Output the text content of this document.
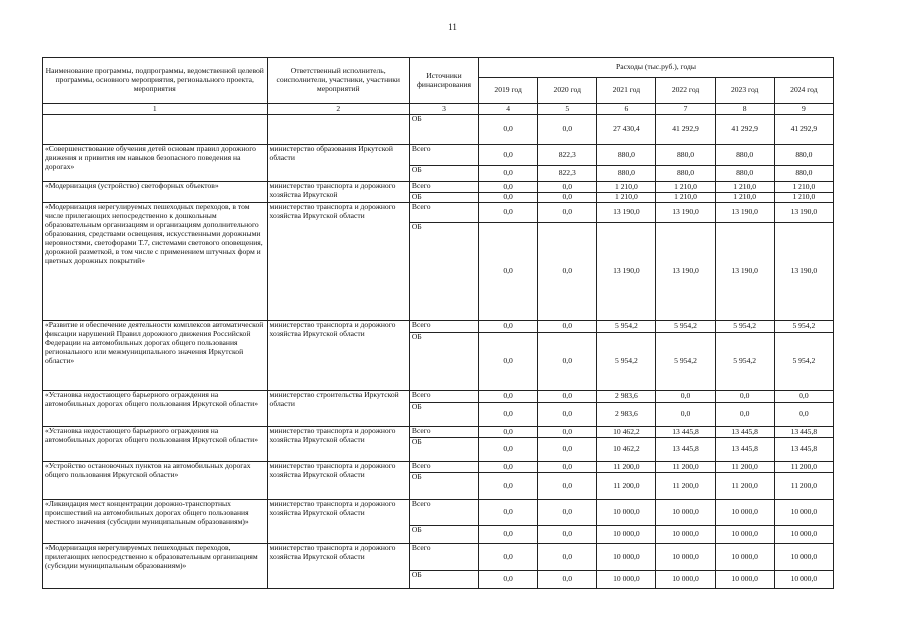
11
Наименование программы, подпрограммы, ведомственной целевой программы, основного мероприятия, регионального проекта, мероприятия	Ответственный исполнитель, соисполнители, участники, участники мероприятий	Источники финансирования	Расходы (тыс.руб.), годы					
			2019 год	2020 год	2021 год	2022 год	2023 год	2024 год
1	2	3	4	5	6	7	8	9
		ОБ	0,0	0,0	27 430,4	41 292,9	41 292,9	41 292,9
«Совершенствование обучения детей основам правил дорожного движения и привития им навыков безопасного поведения на дорогах»	министерство образования Иркутской области	Всего	0,0	822,3	880,0	880,0	880,0	880,0
		ОБ	0,0	822,3	880,0	880,0	880,0	880,0
«Модернизация (устройство) светофорных объектов»	министерство транспорта и дорожного хозяйства Иркутской	Всего	0,0	0,0	1 210,0	1 210,0	1 210,0	1 210,0
		ОБ	0,0	0,0	1 210,0	1 210,0	1 210,0	1 210,0
«Модернизация нерегулируемых пешеходных переходов, в том числе прилегающих непосредственно к дошкольным образовательным организациям и организациям дополнительного образования, средствами освещения, искусственными дорожными неровностями, светофорами Т.7, системами светового оповещения, дорожной разметкой, в том числе с применением штучных форм и цветных дорожных покрытий»	министерство транспорта и дорожного хозяйства Иркутской области	Всего	0,0	0,0	13 190,0	13 190,0	13 190,0	13 190,0
		ОБ	0,0	0,0	13 190,0	13 190,0	13 190,0	13 190,0
«Развитие и обеспечение деятельности комплексов автоматической фиксации нарушений Правил дорожного движения Российской Федерации на автомобильных дорогах общего пользования регионального или межмуниципального значения Иркутской области»	министерство транспорта и дорожного хозяйства Иркутской области	Всего	0,0	0,0	5 954,2	5 954,2	5 954,2	5 954,2
		ОБ	0,0	0,0	5 954,2	5 954,2	5 954,2	5 954,2
«Установка недостающего барьерного ограждения на автомобильных дорогах общего пользования Иркутской области»	министерство строительства Иркутской области	Всего	0,0	0,0	2 983,6	0,0	0,0	0,0
		ОБ	0,0	0,0	2 983,6	0,0	0,0	0,0
«Установка недостающего барьерного ограждения на автомобильных дорогах общего пользования Иркутской области»	министерство транспорта и дорожного хозяйства Иркутской области	Всего	0,0	0,0	10 462,2	13 445,8	13 445,8	13 445,8
		ОБ	0,0	0,0	10 462,2	13 445,8	13 445,8	13 445,8
«Устройство остановочных пунктов на автомобильных дорогах общего пользования Иркутской области»	министерство транспорта и дорожного хозяйства Иркутской области	Всего	0,0	0,0	11 200,0	11 200,0	11 200,0	11 200,0
		ОБ	0,0	0,0	11 200,0	11 200,0	11 200,0	11 200,0
«Ликвидация мест концентрации дорожно-транспортных происшествий на автомобильных дорогах общего пользования местного значения (субсидии муниципальным образованиям)»	министерство транспорта и дорожного хозяйства Иркутской области	Всего	0,0	0,0	10 000,0	10 000,0	10 000,0	10 000,0
		ОБ	0,0	0,0	10 000,0	10 000,0	10 000,0	10 000,0
«Модернизация нерегулируемых пешеходных переходов, прилегающих непосредственно к образовательным организациям (субсидии муниципальным образованиям)»	министерство транспорта и дорожного хозяйства Иркутской области	Всего	0,0	0,0	10 000,0	10 000,0	10 000,0	10 000,0
		ОБ	0,0	0,0	10 000,0	10 000,0	10 000,0	10 000,0
